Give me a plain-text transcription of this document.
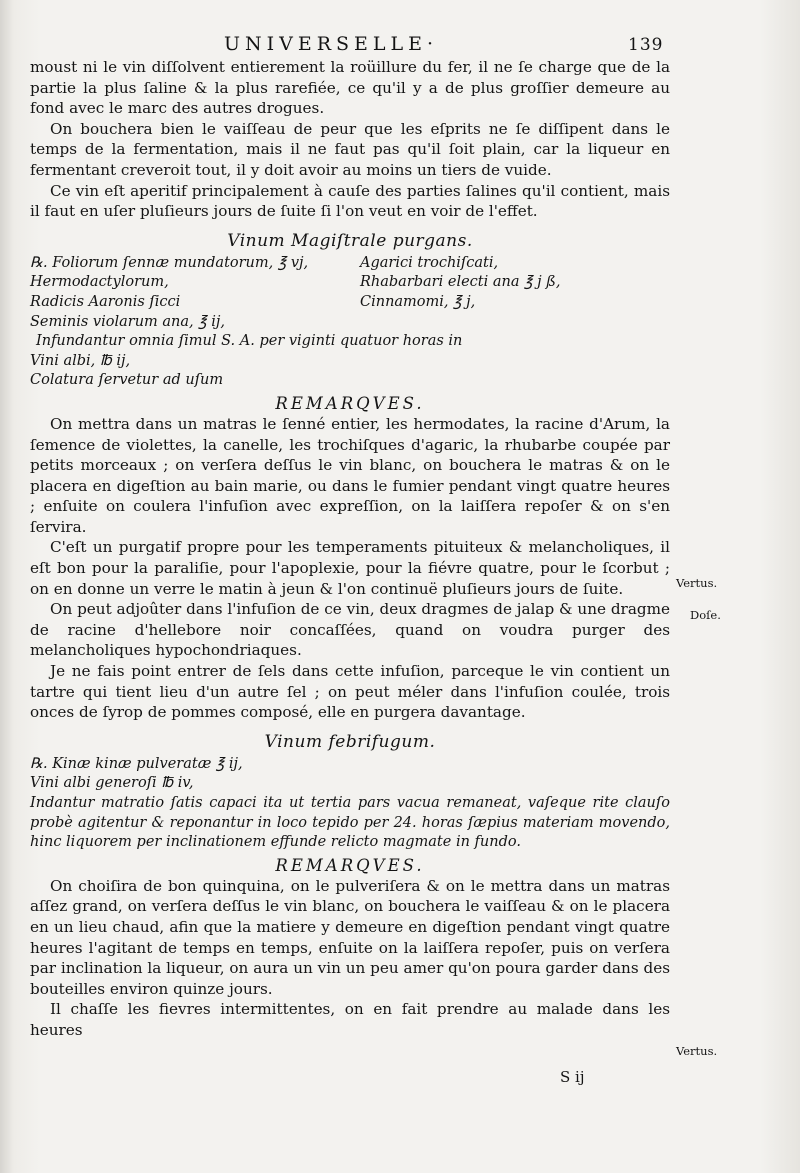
UNIVERSELLE·	139

moust ni le vin diſſolvent entierement la roüillure du fer, il ne ſe charge que de la partie la plus ſaline & la plus rarefiée, ce qu'il y a de plus groſſier demeure au fond avec le marc des autres drogues.

On bouchera bien le vaiſſeau de peur que les eſprits ne ſe diſſipent dans le temps de la fermentation, mais il ne faut pas qu'il ſoit plain, car la liqueur en fermentant creveroit tout, il y doit avoir au moins un tiers de vuide.

Ce vin eſt aperitif principalement à cauſe des parties ſalines qu'il contient, mais il faut en uſer pluſieurs jours de ſuite ſi l'on veut en voir de l'effet.

Vinum Magiſtrale purgans.
℞. Foliorum ſennæ mundatorum, ℥ vj,	Agarici trochiſcati,
Hermodactylorum,	Rhabarbari electi ana ℥ j ß,
Radicis Aaronis ſicci	Cinnamomi, ℥ j,
Seminis violarum ana, ℥ ij,
Infundantur omnia ſimul S. A. per viginti quatuor horas in
Vini albi, ℔ ij,
Colatura ſervetur ad uſum
REMARQVES.

On mettra dans un matras le ſenné entier, les hermodates, la racine d'Arum, la ſemence de violettes, la canelle, les trochiſques d'agaric, la rhubarbe coupée par petits morceaux ; on verſera deſſus le vin blanc, on bouchera le matras & on le placera en digeſtion au bain marie, ou dans le fumier pendant vingt quatre heures ; enſuite on coulera l'infuſion avec expreſſion, on la laiſſera repoſer & on s'en ſervira.

C'eſt un purgatif propre pour les temperaments pituiteux & melancholiques, il eſt bon pour la paraliſie, pour l'apoplexie, pour la fiévre quatre, pour le ſcorbut ; on en donne un verre le matin à jeun & l'on continuë pluſieurs jours de ſuite.

On peut adjoûter dans l'infuſion de ce vin, deux dragmes de jalap & une dragme de racine d'hellebore noir concaſſées, quand on voudra purger des melancholiques hypochondriaques.

Je ne fais point entrer de ſels dans cette infuſion, parceque le vin contient un tartre qui tient lieu d'un autre ſel ; on peut méler dans l'infuſion coulée, trois onces de ſyrop de pommes composé, elle en purgera davantage.

Vinum febrifugum.
℞. Kinæ kinæ pulveratæ ℥ ij,
Vini albi generoſi ℔ iv,
Indantur matratio ſatis capaci ita ut tertia pars vacua remaneat, vaſeque rite clauſo probè agitentur & reponantur in loco tepido per 24. horas ſæpius materiam movendo, hinc liquorem per inclinationem effunde relicto magmate in fundo.
REMARQVES.

On choiſira de bon quinquina, on le pulveriſera & on le mettra dans un matras aſſez grand, on verſera deſſus le vin blanc, on bouchera le vaiſſeau & on le placera en un lieu chaud, afin que la matiere y demeure en digeſtion pendant vingt quatre heures l'agitant de temps en temps, enſuite on la laiſſera repoſer, puis on verſera par inclination la liqueur, on aura un vin un peu amer qu'on poura garder dans des bouteilles environ quinze jours.

Il chaſſe les fievres intermittentes, on en fait prendre au malade dans les heures

Vertus.
Doſe.
Vertus.
S ij
